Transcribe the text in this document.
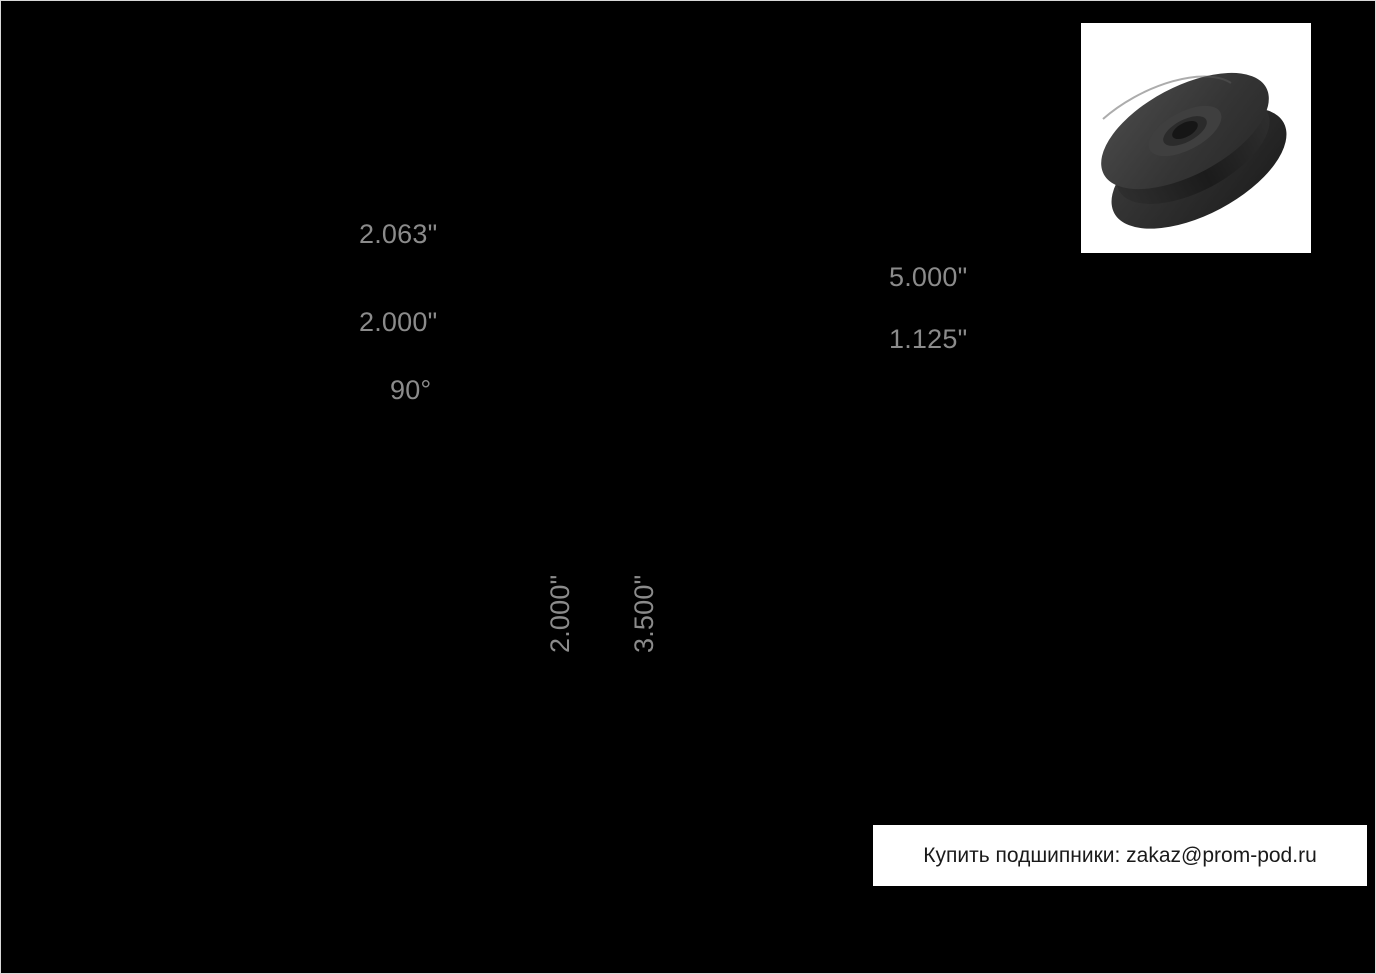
2.063"
2.000"
90°
5.000"
1.125"
2.000" 3.500"
Купить подшипники: zakaz@prom-pod.ru
